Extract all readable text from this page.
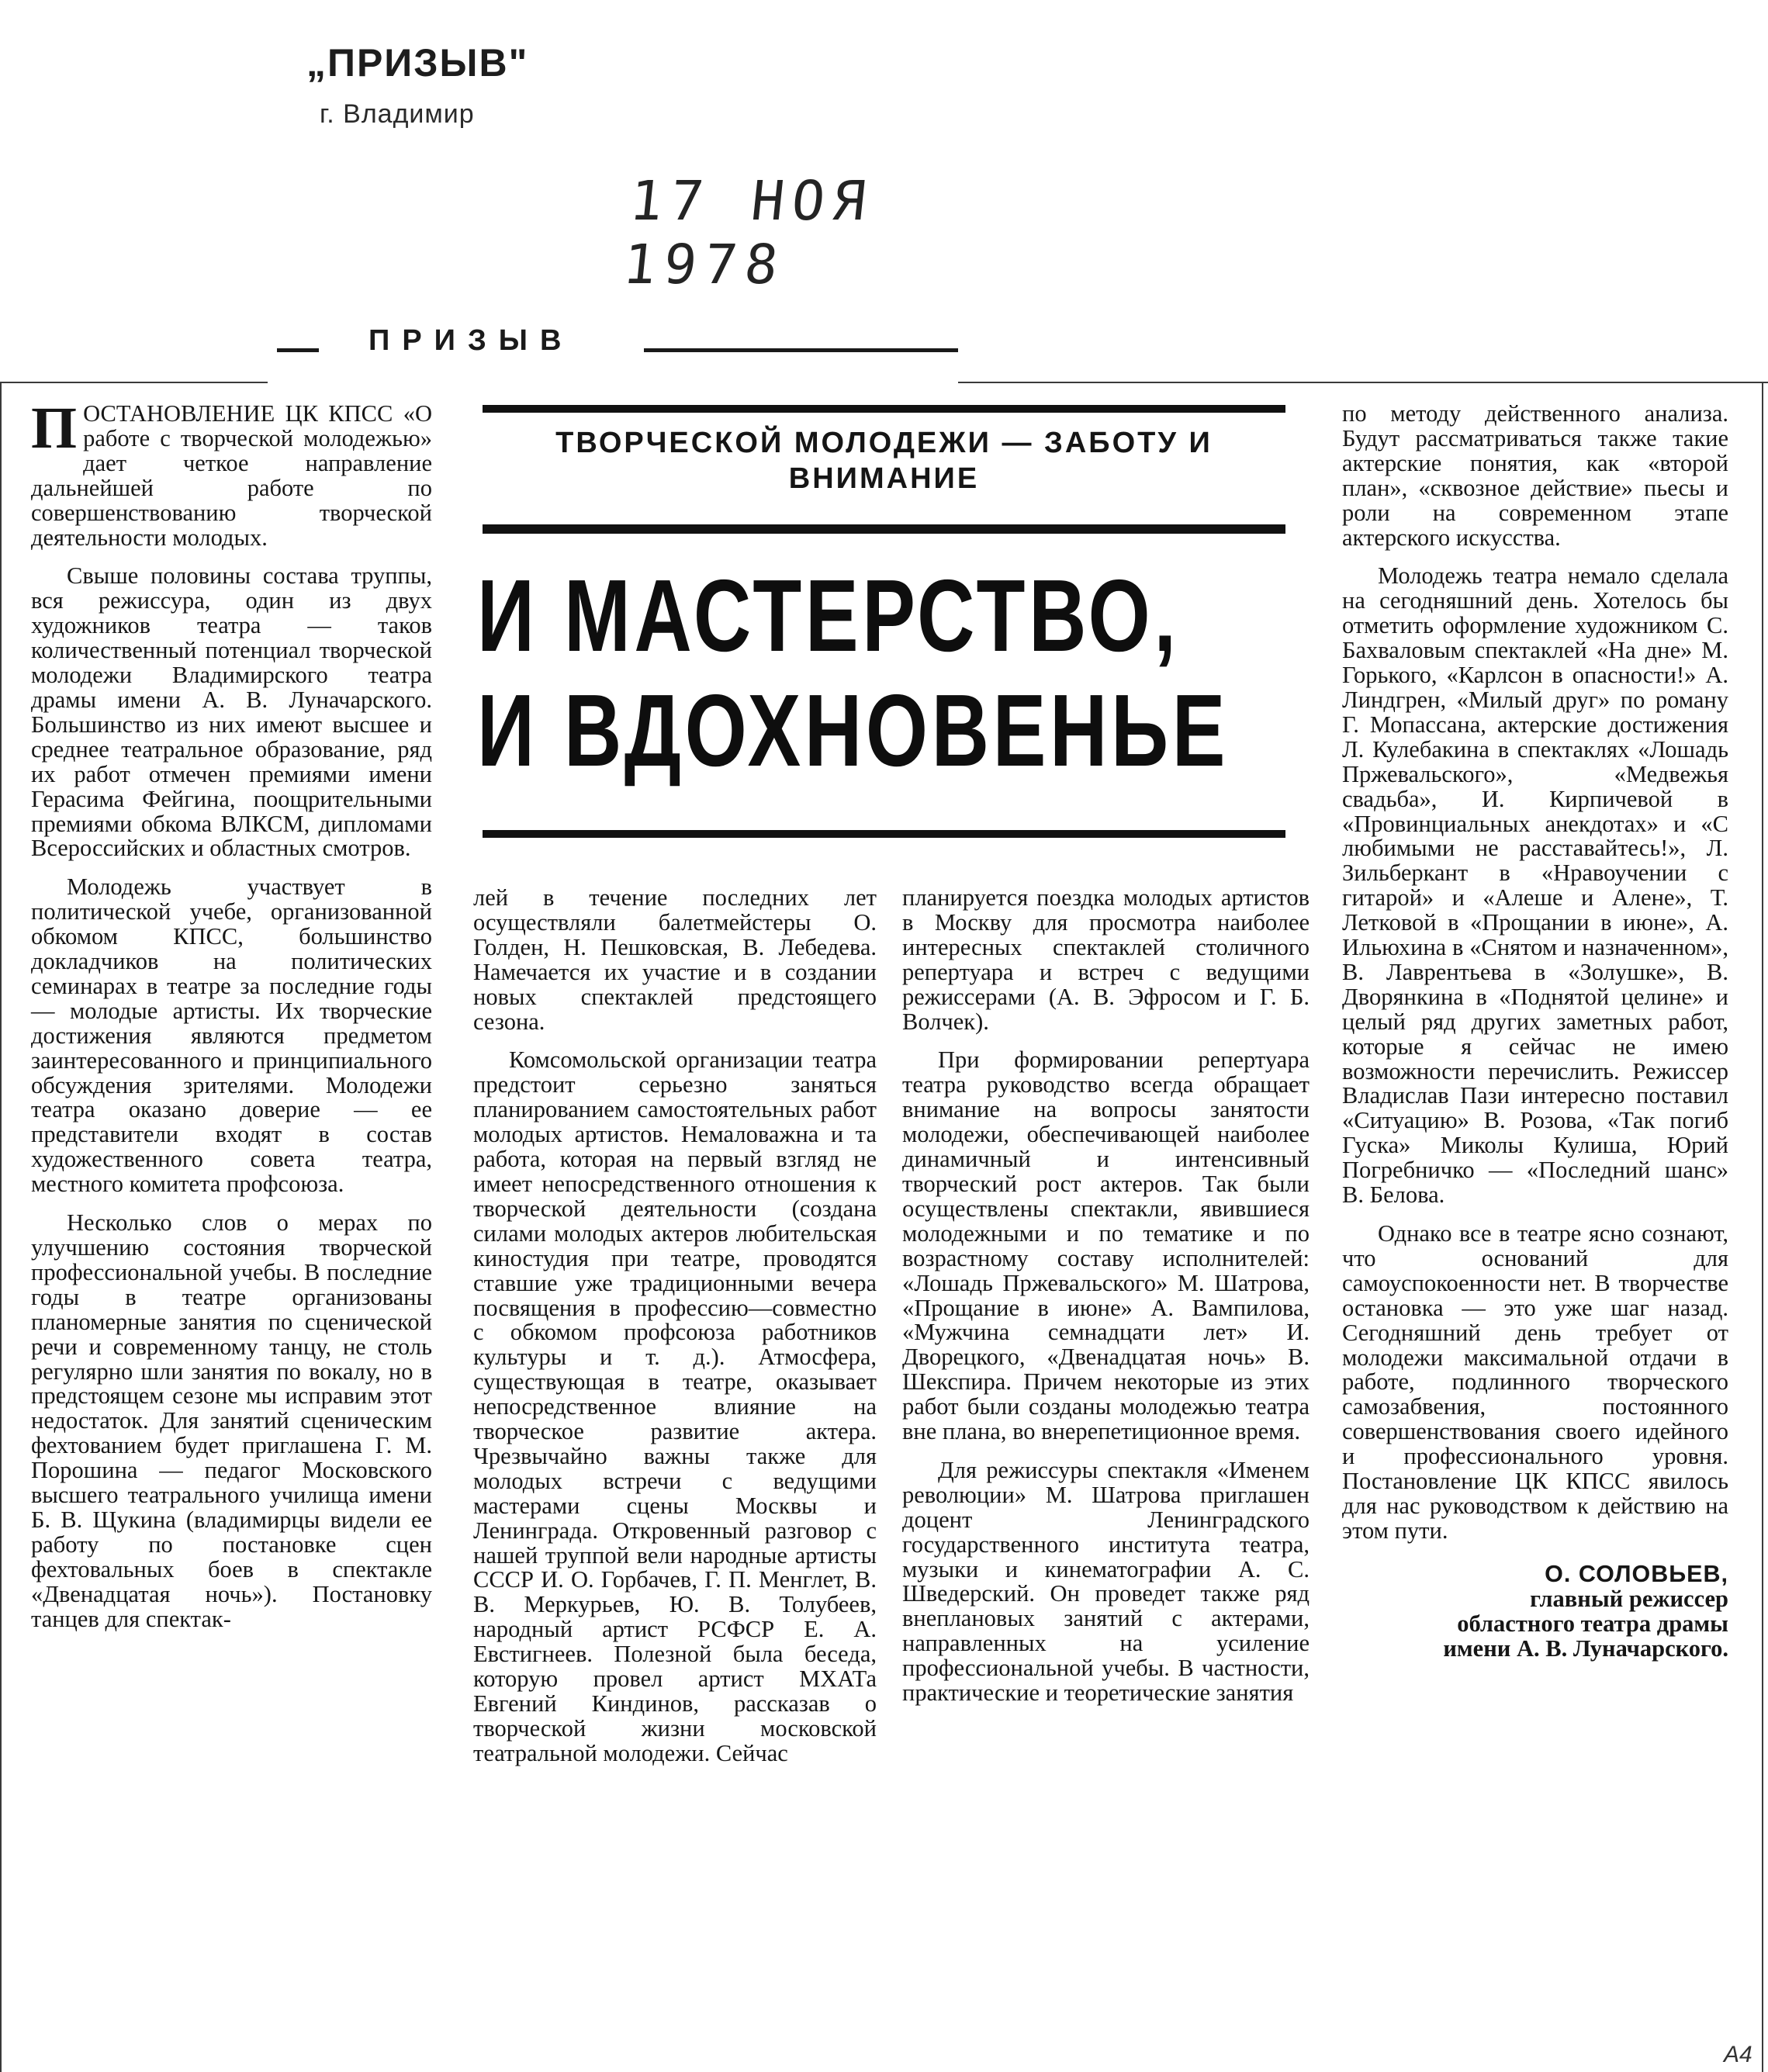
„ПРИЗЫВ"
г. Владимир
17 НОЯ 1978
ПРИЗЫВ
ТВОРЧЕСКОЙ МОЛОДЕЖИ — ЗАБОТУ И ВНИМАНИЕ
И МАСТЕРСТВО,
И ВДОХНОВЕНЬЕ

ПОСТАНОВЛЕНИЕ ЦК КПСС «О работе с творческой молодежью» дает четкое направление дальнейшей работе по совершенствованию творческой деятельности молодых.

Свыше половины состава труппы, вся режиссура, один из двух художников театра — таков количественный потенциал творческой молодежи Владимирского театра драмы имени А. В. Луначарского. Большинство из них имеют высшее и среднее театральное образование, ряд их работ отмечен премиями имени Герасима Фейгина, поощрительными премиями обкома ВЛКСМ, дипломами Всероссийских и областных смотров.

Молодежь участвует в политической учебе, организованной обкомом КПСС, большинство докладчиков на политических семинарах в театре за последние годы — молодые артисты. Их творческие достижения являются предметом заинтересованного и принципиального обсуждения зрителями. Молодежи театра оказано доверие — ее представители входят в состав художественного совета театра, местного комитета профсоюза.

Несколько слов о мерах по улучшению состояния творческой профессиональной учебы. В последние годы в театре организованы планомерные занятия по сценической речи и современному танцу, не столь регулярно шли занятия по вокалу, но в предстоящем сезоне мы исправим этот недостаток. Для занятий сценическим фехтованием будет приглашена Г. М. Порошина — педагог Московского высшего театрального училища имени Б. В. Щукина (владимирцы видели ее работу по постановке сцен фехтовальных боев в спектакле «Двенадцатая ночь»). Постановку танцев для спектак-

лей в течение последних лет осуществляли балетмейстеры О. Голден, Н. Пешковская, В. Лебедева. Намечается их участие и в создании новых спектаклей предстоящего сезона.

Комсомольской организации театра предстоит серьезно заняться планированием самостоятельных работ молодых артистов. Немаловажна и та работа, которая на первый взгляд не имеет непосредственного отношения к творческой деятельности (создана силами молодых актеров любительская киностудия при театре, проводятся ставшие уже традиционными вечера посвящения в профессию—совместно с обкомом профсоюза работников культуры и т. д.). Атмосфера, существующая в театре, оказывает непосредственное влияние на творческое развитие актера. Чрезвычайно важны также для молодых встречи с ведущими мастерами сцены Москвы и Ленинграда. Откровенный разговор с нашей труппой вели народные артисты СССР И. О. Горбачев, Г. П. Менглет, В. В. Меркурьев, Ю. В. Толубеев, народный артист РСФСР Е. А. Евстигнеев. Полезной была беседа, которую провел артист МХАТа Евгений Киндинов, рассказав о творческой жизни московской театральной молодежи. Сейчас

планируется поездка молодых артистов в Москву для просмотра наиболее интересных спектаклей столичного репертуара и встреч с ведущими режиссерами (А. В. Эфросом и Г. Б. Волчек).

При формировании репертуара театра руководство всегда обращает внимание на вопросы занятости молодежи, обеспечивающей наиболее динамичный и интенсивный творческий рост актеров. Так были осуществлены спектакли, явившиеся молодежными и по тематике и по возрастному составу исполнителей: «Лошадь Пржевальского» М. Шатрова, «Прощание в июне» А. Вампилова, «Мужчина семнадцати лет» И. Дворецкого, «Двенадцатая ночь» В. Шекспира. Причем некоторые из этих работ были созданы молодежью театра вне плана, во внерепетиционное время.

Для режиссуры спектакля «Именем революции» М. Шатрова приглашен доцент Ленинградского государственного института театра, музыки и кинематографии А. С. Шведерский. Он проведет также ряд внеплановых занятий с актерами, направленных на усиление профессиональной учебы. В частности, практические и теоретические занятия

по методу действенного анализа. Будут рассматриваться также такие актерские понятия, как «второй план», «сквозное действие» пьесы и роли на современном этапе актерского искусства.

Молодежь театра немало сделала на сегодняшний день. Хотелось бы отметить оформление художником С. Бахваловым спектаклей «На дне» М. Горького, «Карлсон в опасности!» А. Линдгрен, «Милый друг» по роману Г. Мопассана, актерские достижения Л. Кулебакина в спектаклях «Лошадь Пржевальского», «Медвежья свадьба», И. Кирпичевой в «Провинциальных анекдотах» и «С любимыми не расставайтесь!», Л. Зильберкант в «Нравоучении с гитарой» и «Алеше и Алене», Т. Летковой в «Прощании в июне», А. Ильюхина в «Снятом и назначенном», В. Лаврентьева в «Золушке», В. Дворянкина в «Поднятой целине» и целый ряд других заметных работ, которые я сейчас не имею возможности перечислить. Режиссер Владислав Пази интересно поставил «Ситуацию» В. Розова, «Так погиб Гуска» Миколы Кулиша, Юрий Погребничко — «Последний шанс» В. Белова.

Однако все в театре ясно сознают, что оснований для самоуспокоенности нет. В творчестве остановка — это уже шаг назад. Сегодняшний день требует от молодежи максимальной отдачи в работе, подлинного творческого самозабвения, постоянного совершенствования своего идейного и профессионального уровня. Постановление ЦК КПСС явилось для нас руководством к действию на этом пути.

О. СОЛОВЬЕВ,
главный режиссер
областного театра драмы
имени А. В. Луначарского.
А4
